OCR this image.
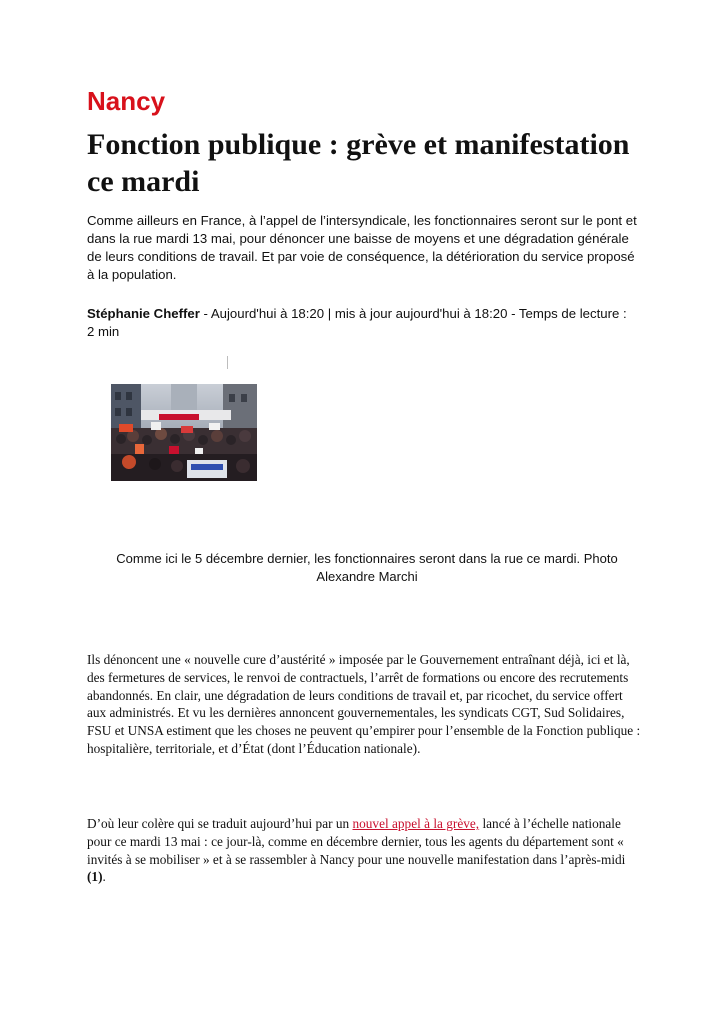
Nancy
Fonction publique : grève et manifestation ce mardi

Comme ailleurs en France, à l’appel de l’intersyndicale, les fonctionnaires seront sur le pont et dans la rue mardi 13 mai, pour dénoncer une baisse de moyens et une dégradation générale de leurs conditions de travail. Et par voie de conséquence, la détérioration du service proposé à la population.

Stéphanie Cheffer - Aujourd'hui à 18:20 | mis à jour aujourd'hui à 18:20 - Temps de lecture : 2 min

Comme ici le 5 décembre dernier, les fonctionnaires seront dans la rue ce mardi. Photo Alexandre Marchi

Ils dénoncent une « nouvelle cure d’austérité » imposée par le Gouvernement entraînant déjà, ici et là, des fermetures de services, le renvoi de contractuels, l’arrêt de formations ou encore des recrutements abandonnés. En clair, une dégradation de leurs conditions de travail et, par ricochet, du service offert aux administrés. Et vu les dernières annoncent gouvernementales, les syndicats CGT, Sud Solidaires, FSU et UNSA estiment que les choses ne peuvent qu’empirer pour l’ensemble de la Fonction publique : hospitalière, territoriale, et d’État (dont l’Éducation nationale).

D’où leur colère qui se traduit aujourd’hui par un nouvel appel à la grève, lancé à l’échelle nationale pour ce mardi 13 mai : ce jour-là, comme en décembre dernier, tous les agents du département sont « invités à se mobiliser » et à se rassembler à Nancy pour une nouvelle manifestation dans l’après-midi (1).
